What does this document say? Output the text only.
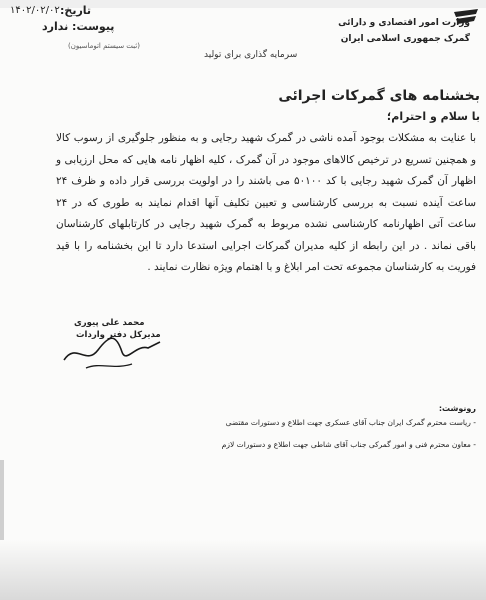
تاریخ:
۱۴۰۲/۰۲/۰۲
پیوست: ندارد
(ثبت سیستم اتوماسیون)
وزارت امور اقتصادی و دارائی
گمرک جمهوری اسلامی ایران
سرمایه گذاری برای تولید
بخشنامه های گمرکات اجرائی
با سلام و احترام؛

با عنایت به مشکلات بوجود آمده ناشی در گمرک شهید رجایی و به منظور جلوگیری از رسوب کالا و همچنین تسریع در ترخیص کالاهای موجود در آن گمرک ، کلیه اظهار نامه هایی که محل ارزیابی و اظهار آن گمرک شهید رجایی با کد ۵۰۱۰۰ می باشند را در اولویت بررسی قرار داده و ظرف ۲۴ ساعت آینده نسبت به بررسی کارشناسی و تعیین تکلیف آنها اقدام نمایند به طوری که در ۲۴ ساعت آتی اظهارنامه کارشناسی نشده مربوط به گمرک شهید رجایی در کارتابلهای کارشناسان باقی نماند . در این رابطه از کلیه مدیران گمرکات اجرایی استدعا دارد تا این بخشنامه را با قید فوریت به کارشناسان مجموعه تحت امر ابلاغ و با اهتمام ویژه نظارت نمایند .

محمد علی پیوری
مدیرکل دفتر واردات
رونوشت:
- ریاست محترم گمرک ایران جناب آقای عسکری جهت اطلاع و دستورات مقتضی
- معاون محترم فنی و امور گمرکی جناب آقای شاطی جهت اطلاع و دستورات لازم
